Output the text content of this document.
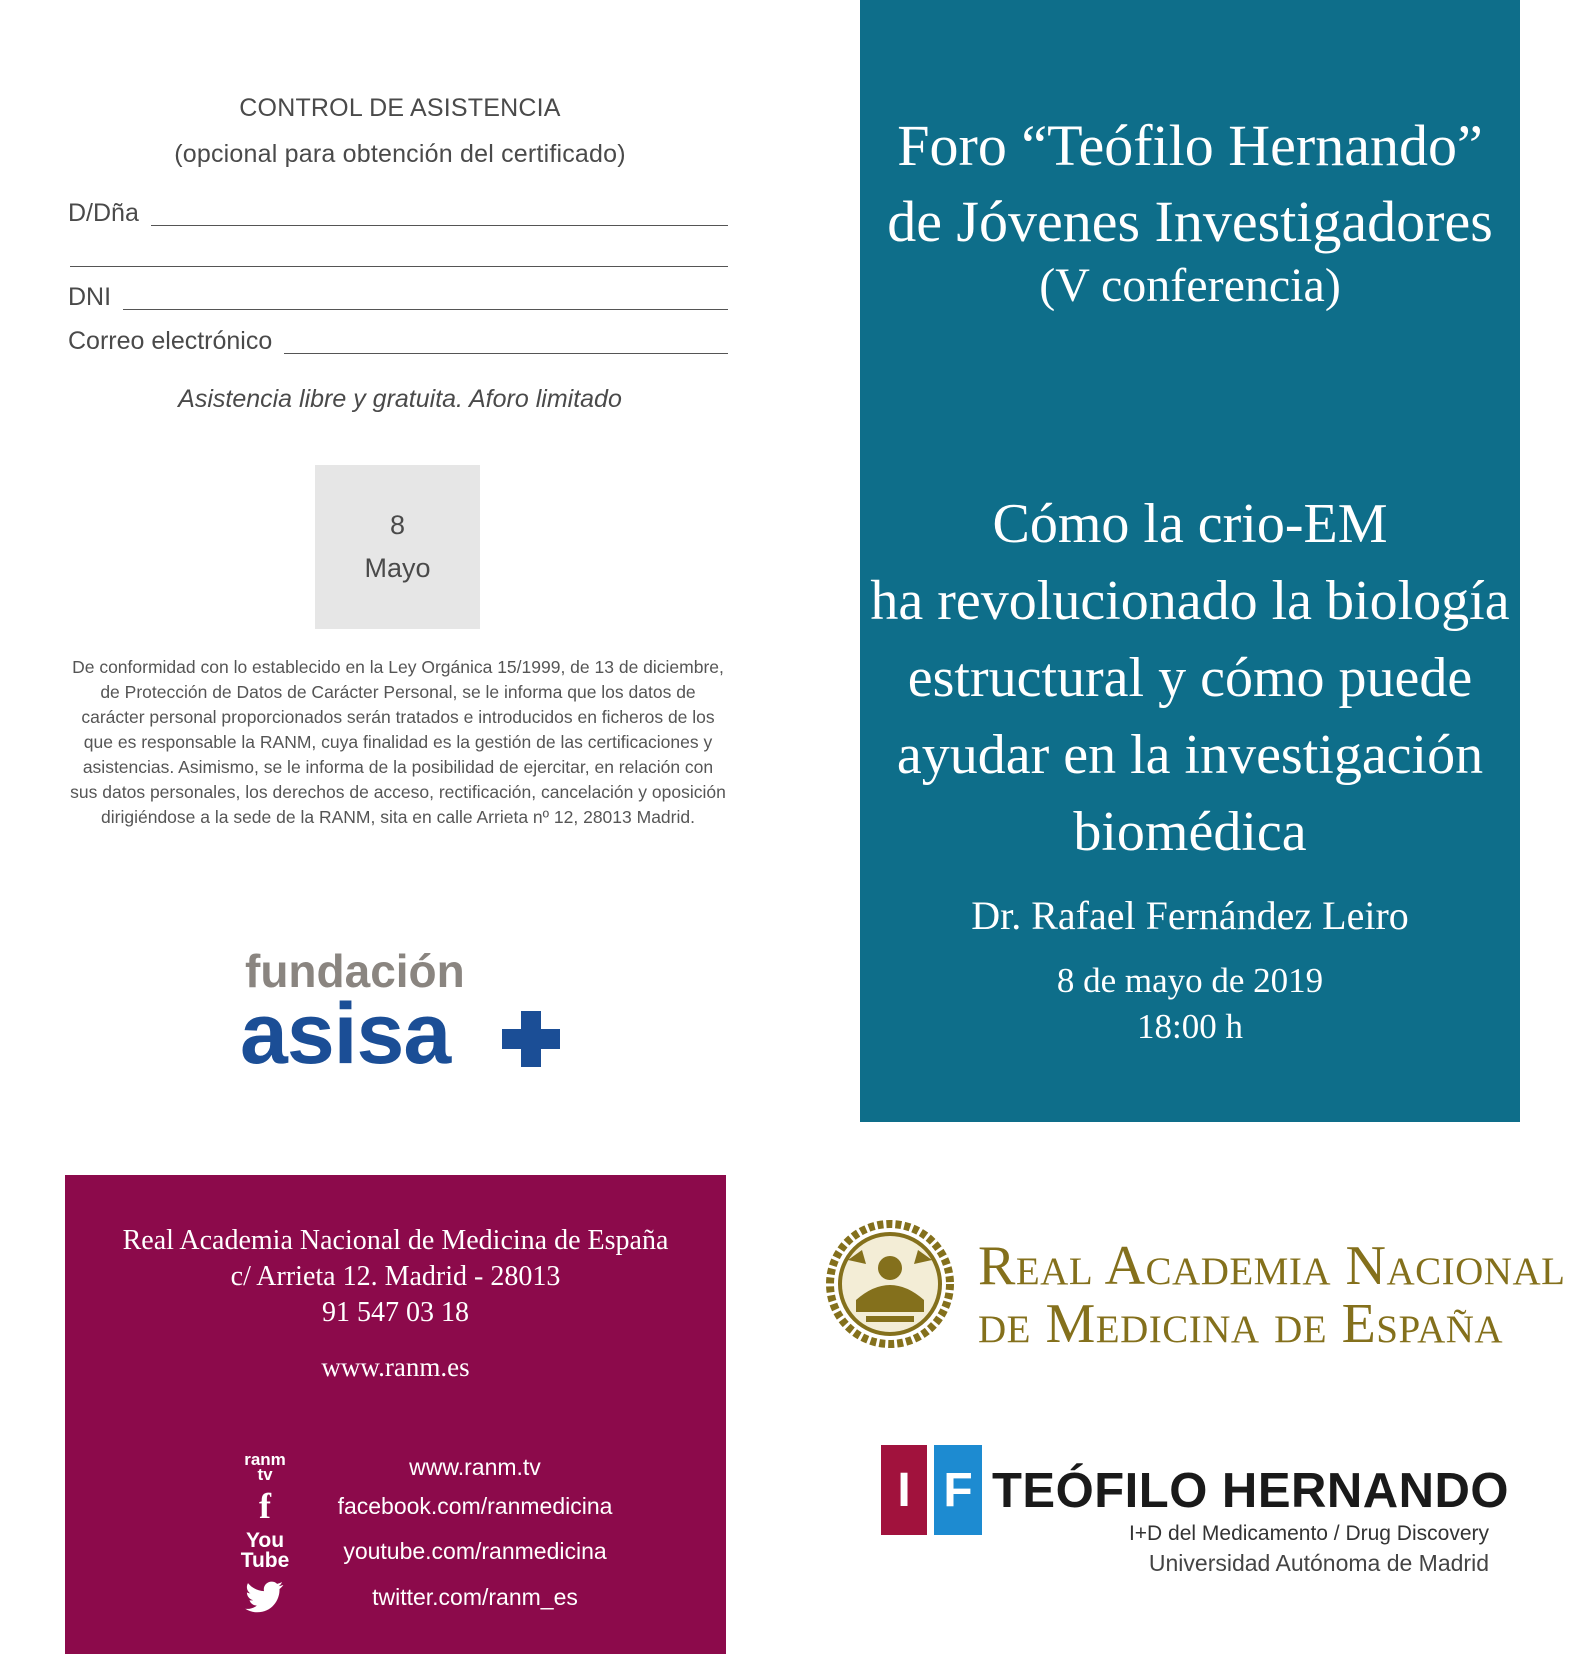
CONTROL DE ASISTENCIA
(opcional para obtención del certificado)
D/Dña
DNI
Correo electrónico
Asistencia libre y gratuita. Aforo limitado
8
Mayo
De conformidad con lo establecido en la Ley Orgánica 15/1999, de 13 de diciembre, de Protección de Datos de Carácter Personal, se le informa que los datos de carácter personal proporcionados serán tratados e introducidos en ficheros de los que es responsable la RANM, cuya finalidad es la gestión de las certificaciones y asistencias. Asimismo, se le informa de la posibilidad de ejercitar, en relación con sus datos personales, los derechos de acceso, rectificación, cancelación y oposición dirigiéndose a la sede de la RANM, sita en calle Arrieta nº 12, 28013 Madrid.
fundación
asisa
Foro “Teófilo Hernando”
de Jóvenes Investigadores
(V conferencia)
Cómo la crio-EM
ha revolucionado la biología
estructural y cómo puede
ayudar en la investigación
biomédica
Dr. Rafael Fernández Leiro
8 de mayo de 2019
18:00 h
Real Academia Nacional de Medicina de España
c/ Arrieta 12. Madrid - 28013
91 547 03 18
www.ranm.es
ranm
tv	www.ranm.tv
f	facebook.com/ranmedicina
You
Tube	youtube.com/ranmedicina
twitter.com/ranm_es
Real Academia Nacional
de Medicina de España
I F TEÓFILO HERNANDO
I+D del Medicamento / Drug Discovery
Universidad Autónoma de Madrid
